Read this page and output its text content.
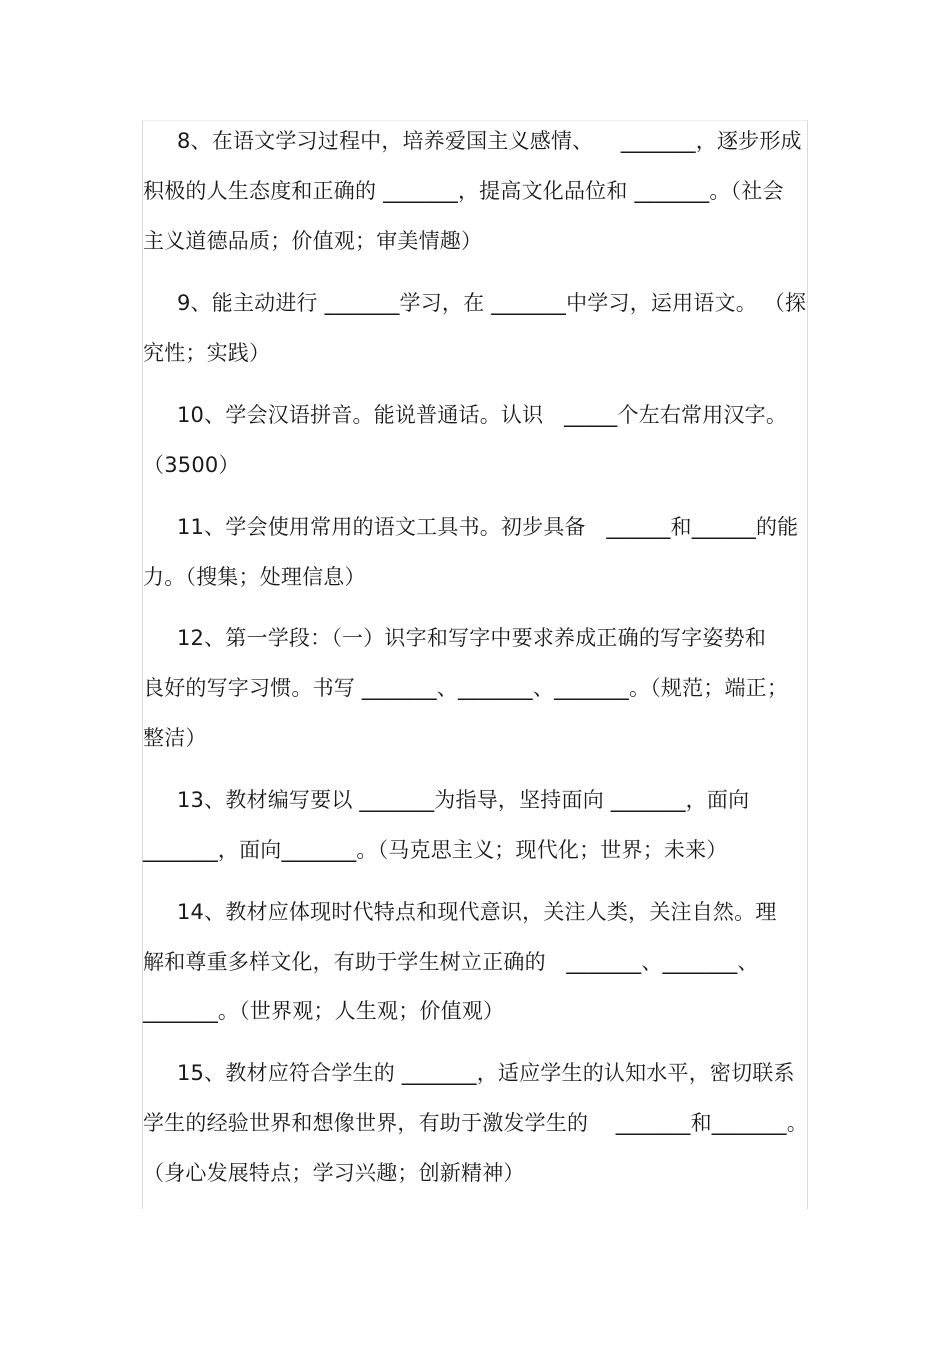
8、在语文学习过程中，培养爱国主义感情、    _______，逐步形成
积极的人生态度和正确的 _______，提高文化品位和 _______。（社会
主义道德品质；价值观；审美情趣）
9、能主动进行 _______学习，在 _______中学习，运用语文。 （探
究性；实践）
10、学会汉语拼音。能说普通话。认识   _____个左右常用汉字。
（3500）
11、学会使用常用的语文工具书。初步具备   ______和______的能
力。（搜集；处理信息）
12、第一学段：（一）识字和写字中要求养成正确的写字姿势和
良好的写字习惯。书写 _______、_______、_______。（规范；端正；
整洁）
13、教材编写要以 _______为指导，坚持面向 _______，面向
_______，面向_______。（马克思主义；现代化；世界；未来）
14、教材应体现时代特点和现代意识，关注人类，关注自然。理
解和尊重多样文化，有助于学生树立正确的   _______、_______、
_______。（世界观；人生观；价值观）
15、教材应符合学生的 _______，适应学生的认知水平，密切联系
学生的经验世界和想像世界，有助于激发学生的    _______和_______。
（身心发展特点；学习兴趣；创新精神）
